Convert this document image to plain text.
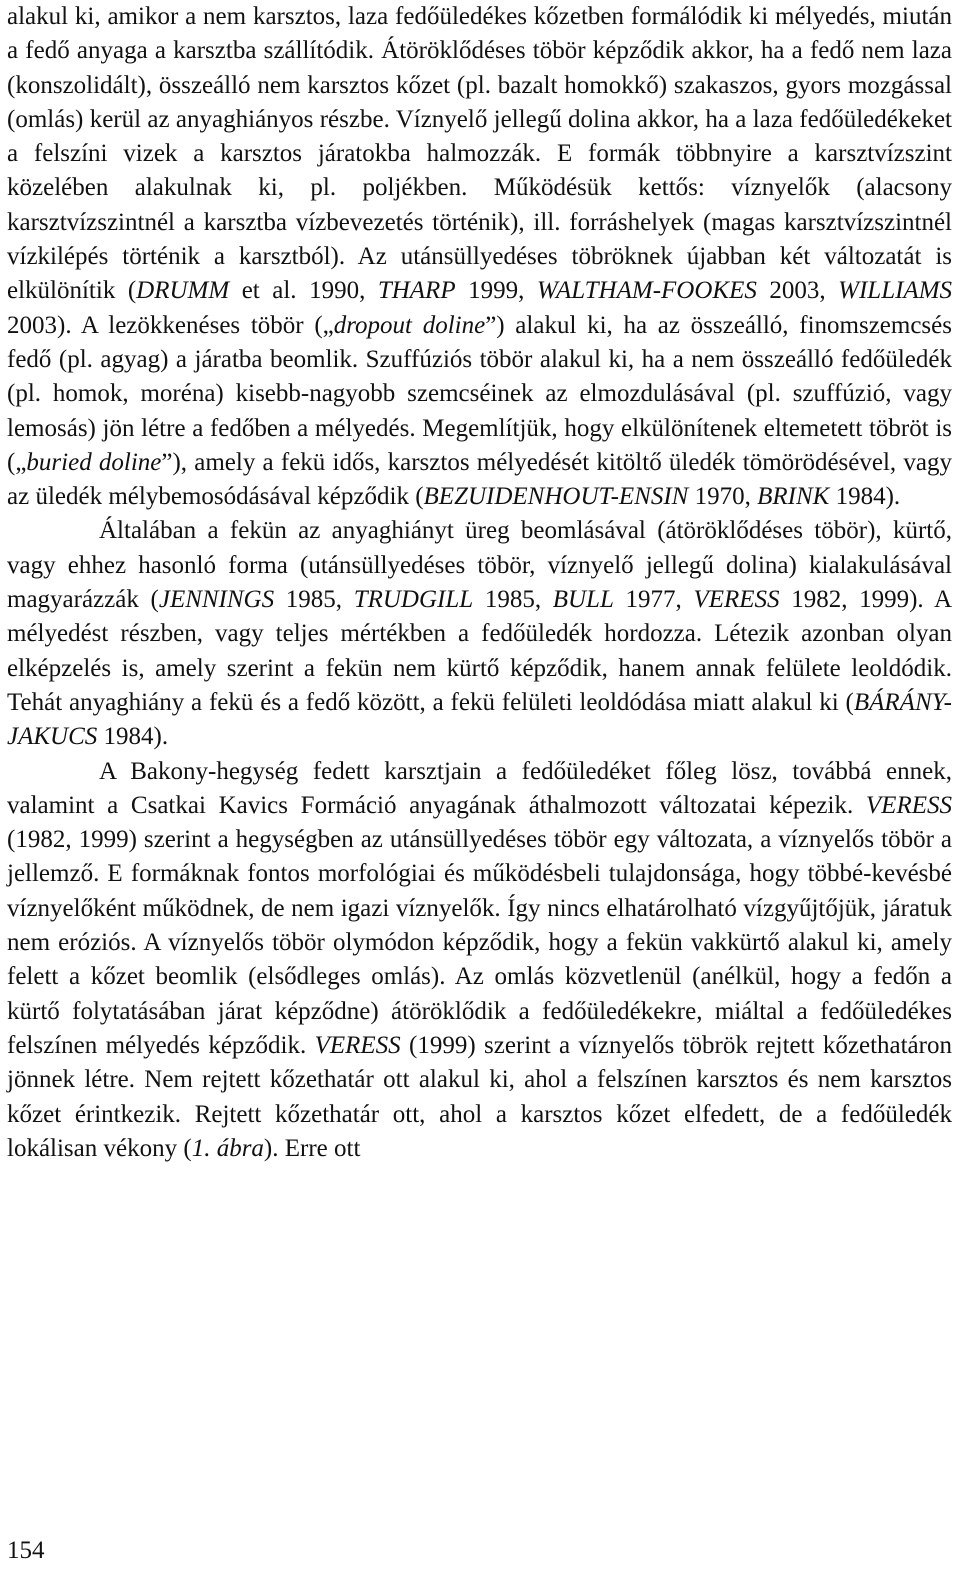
alakul ki, amikor a nem karsztos, laza fedőüledékes kőzetben formálódik ki mélyedés, miután a fedő anyaga a karsztba szállítódik. Átöröklődéses töbör képződik akkor, ha a fedő nem laza (konszolidált), összeálló nem karsztos kőzet (pl. bazalt homokkő) szakaszos, gyors mozgással (omlás) kerül az anyaghiányos részbe. Víznyelő jellegű dolina akkor, ha a laza fedőüledékeket a felszíni vizek a karsztos járatokba halmozzák. E formák többnyire a karsztvízszint közelében alakulnak ki, pl. poljékben. Működésük kettős: víznyelők (alacsony karsztvízszintnél a karsztba vízbevezetés történik), ill. forráshelyek (magas karsztvízszintnél vízkilépés történik a karsztból). Az utánsüllyedéses töbröknek újabban két változatát is elkülönítik (DRUMM et al. 1990, THARP 1999, WALTHAM-FOOKES 2003, WILLIAMS 2003). A lezökkenéses töbör („dropout doline”) alakul ki, ha az összeálló, finomszemcsés fedő (pl. agyag) a járatba beomlik. Szuffúziós töbör alakul ki, ha a nem összeálló fedőüledék (pl. homok, moréna) kisebb-nagyobb szemcséinek az elmozdulásával (pl. szuffúzió, vagy lemosás) jön létre a fedőben a mélyedés. Megemlítjük, hogy elkülönítenek eltemetett töbröt is („buried doline”), amely a fekü idős, karsztos mélyedését kitöltő üledék tömörödésével, vagy az üledék mélybemosódásával képződik (BEZUIDENHOUT-ENSIN 1970, BRINK 1984).

Általában a fekün az anyaghiányt üreg beomlásával (átöröklődéses töbör), kürtő, vagy ehhez hasonló forma (utánsüllyedéses töbör, víznyelő jellegű dolina) kialakulásával magyarázzák (JENNINGS 1985, TRUDGILL 1985, BULL 1977, VERESS 1982, 1999). A mélyedést részben, vagy teljes mértékben a fedőüledék hordozza. Létezik azonban olyan elképzelés is, amely szerint a fekün nem kürtő képződik, hanem annak felülete leoldódik. Tehát anyaghiány a fekü és a fedő között, a fekü felületi leoldódása miatt alakul ki (BÁRÁNY-JAKUCS 1984).

A Bakony-hegység fedett karsztjain a fedőüledéket főleg lösz, továbbá ennek, valamint a Csatkai Kavics Formáció anyagának áthalmozott változatai képezik. VERESS (1982, 1999) szerint a hegységben az utánsüllyedéses töbör egy változata, a víznyelős töbör a jellemző. E formáknak fontos morfológiai és működésbeli tulajdonsága, hogy többé-kevésbé víznyelőként működnek, de nem igazi víznyelők. Így nincs elhatárolható vízgyűjtőjük, járatuk nem eróziós. A víznyelős töbör olymódon képződik, hogy a fekün vakkürtő alakul ki, amely felett a kőzet beomlik (elsődleges omlás). Az omlás közvetlenül (anélkül, hogy a fedőn a kürtő folytatásában járat képződne) átöröklődik a fedőüledékekre, miáltal a fedőüledékes felszínen mélyedés képződik. VERESS (1999) szerint a víznyelős töbrök rejtett kőzethatáron jönnek létre. Nem rejtett kőzethatár ott alakul ki, ahol a felszínen karsztos és nem karsztos kőzet érintkezik. Rejtett kőzethatár ott, ahol a karsztos kőzet elfedett, de a fedőüledék lokálisan vékony (1. ábra). Erre ott

154
